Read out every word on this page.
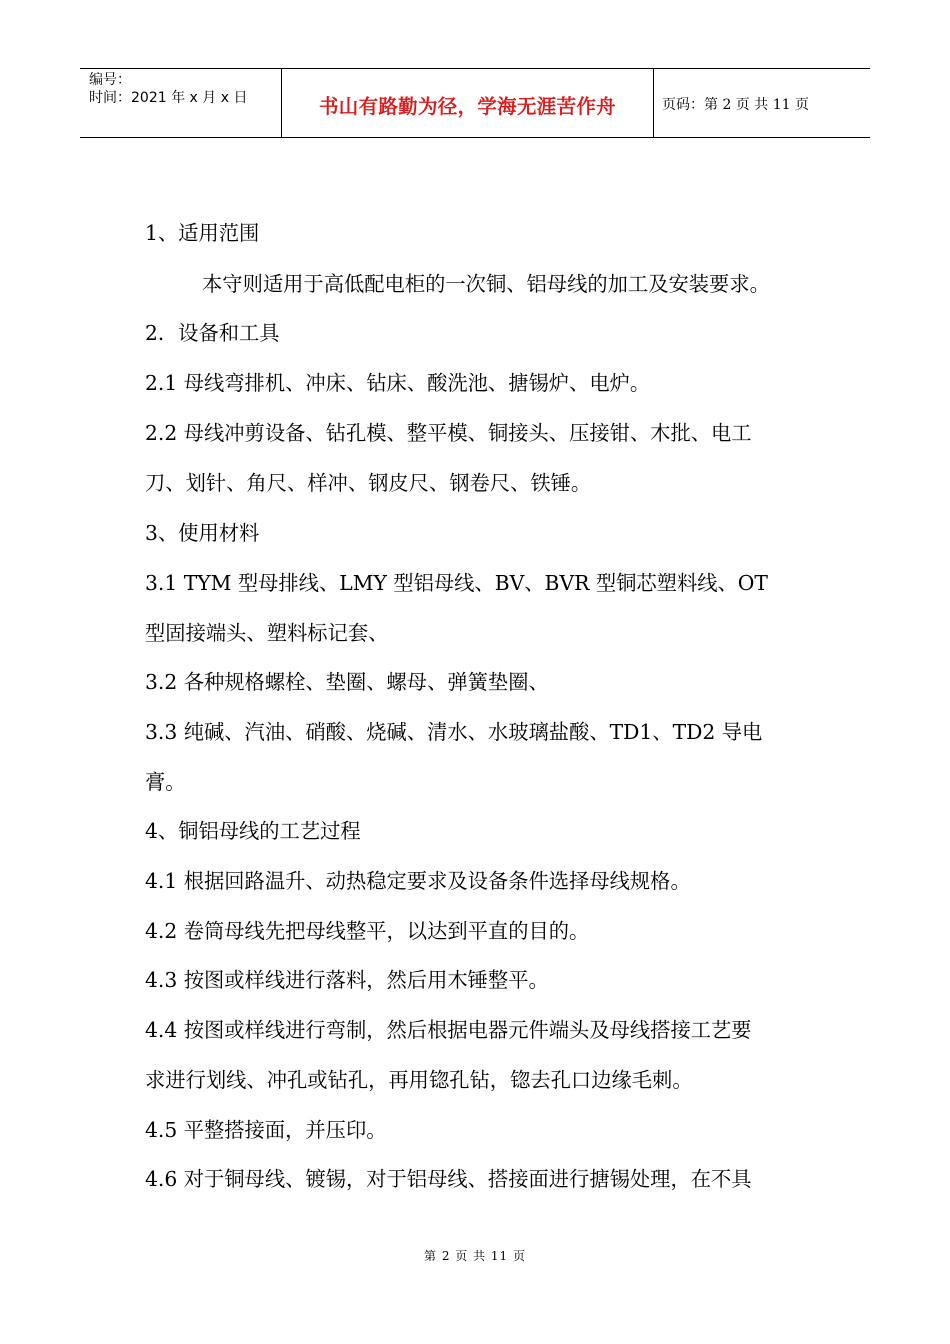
编号：
时间：2021 年 x 月 x 日	书山有路勤为径，学海无涯苦作舟	页码：第 2 页 共 11 页
1、适用范围
本守则适用于高低配电柜的一次铜、铝母线的加工及安装要求。
2．设备和工具
2.1 母线弯排机、冲床、钻床、酸洗池、搪锡炉、电炉。
2.2 母线冲剪设备、钻孔模、整平模、铜接头、压接钳、木批、电工
刀、划针、角尺、样冲、钢皮尺、钢卷尺、铁锤。
3、使用材料
3.1 TYM 型母排线、LMY 型铝母线、BV、BVR 型铜芯塑料线、OT
型固接端头、塑料标记套、
3.2 各种规格螺栓、垫圈、螺母、弹簧垫圈、
3.3 纯碱、汽油、硝酸、烧碱、清水、水玻璃盐酸、TD1、TD2 导电
膏。
4、铜铝母线的工艺过程
4.1 根据回路温升、动热稳定要求及设备条件选择母线规格。
4.2 卷筒母线先把母线整平，以达到平直的目的。
4.3 按图或样线进行落料，然后用木锤整平。
4.4 按图或样线进行弯制，然后根据电器元件端头及母线搭接工艺要
求进行划线、冲孔或钻孔，再用锪孔钻，锪去孔口边缘毛刺。
4.5 平整搭接面，并压印。
4.6 对于铜母线、镀锡，对于铝母线、搭接面进行搪锡处理，在不具
第 2 页 共 11 页
